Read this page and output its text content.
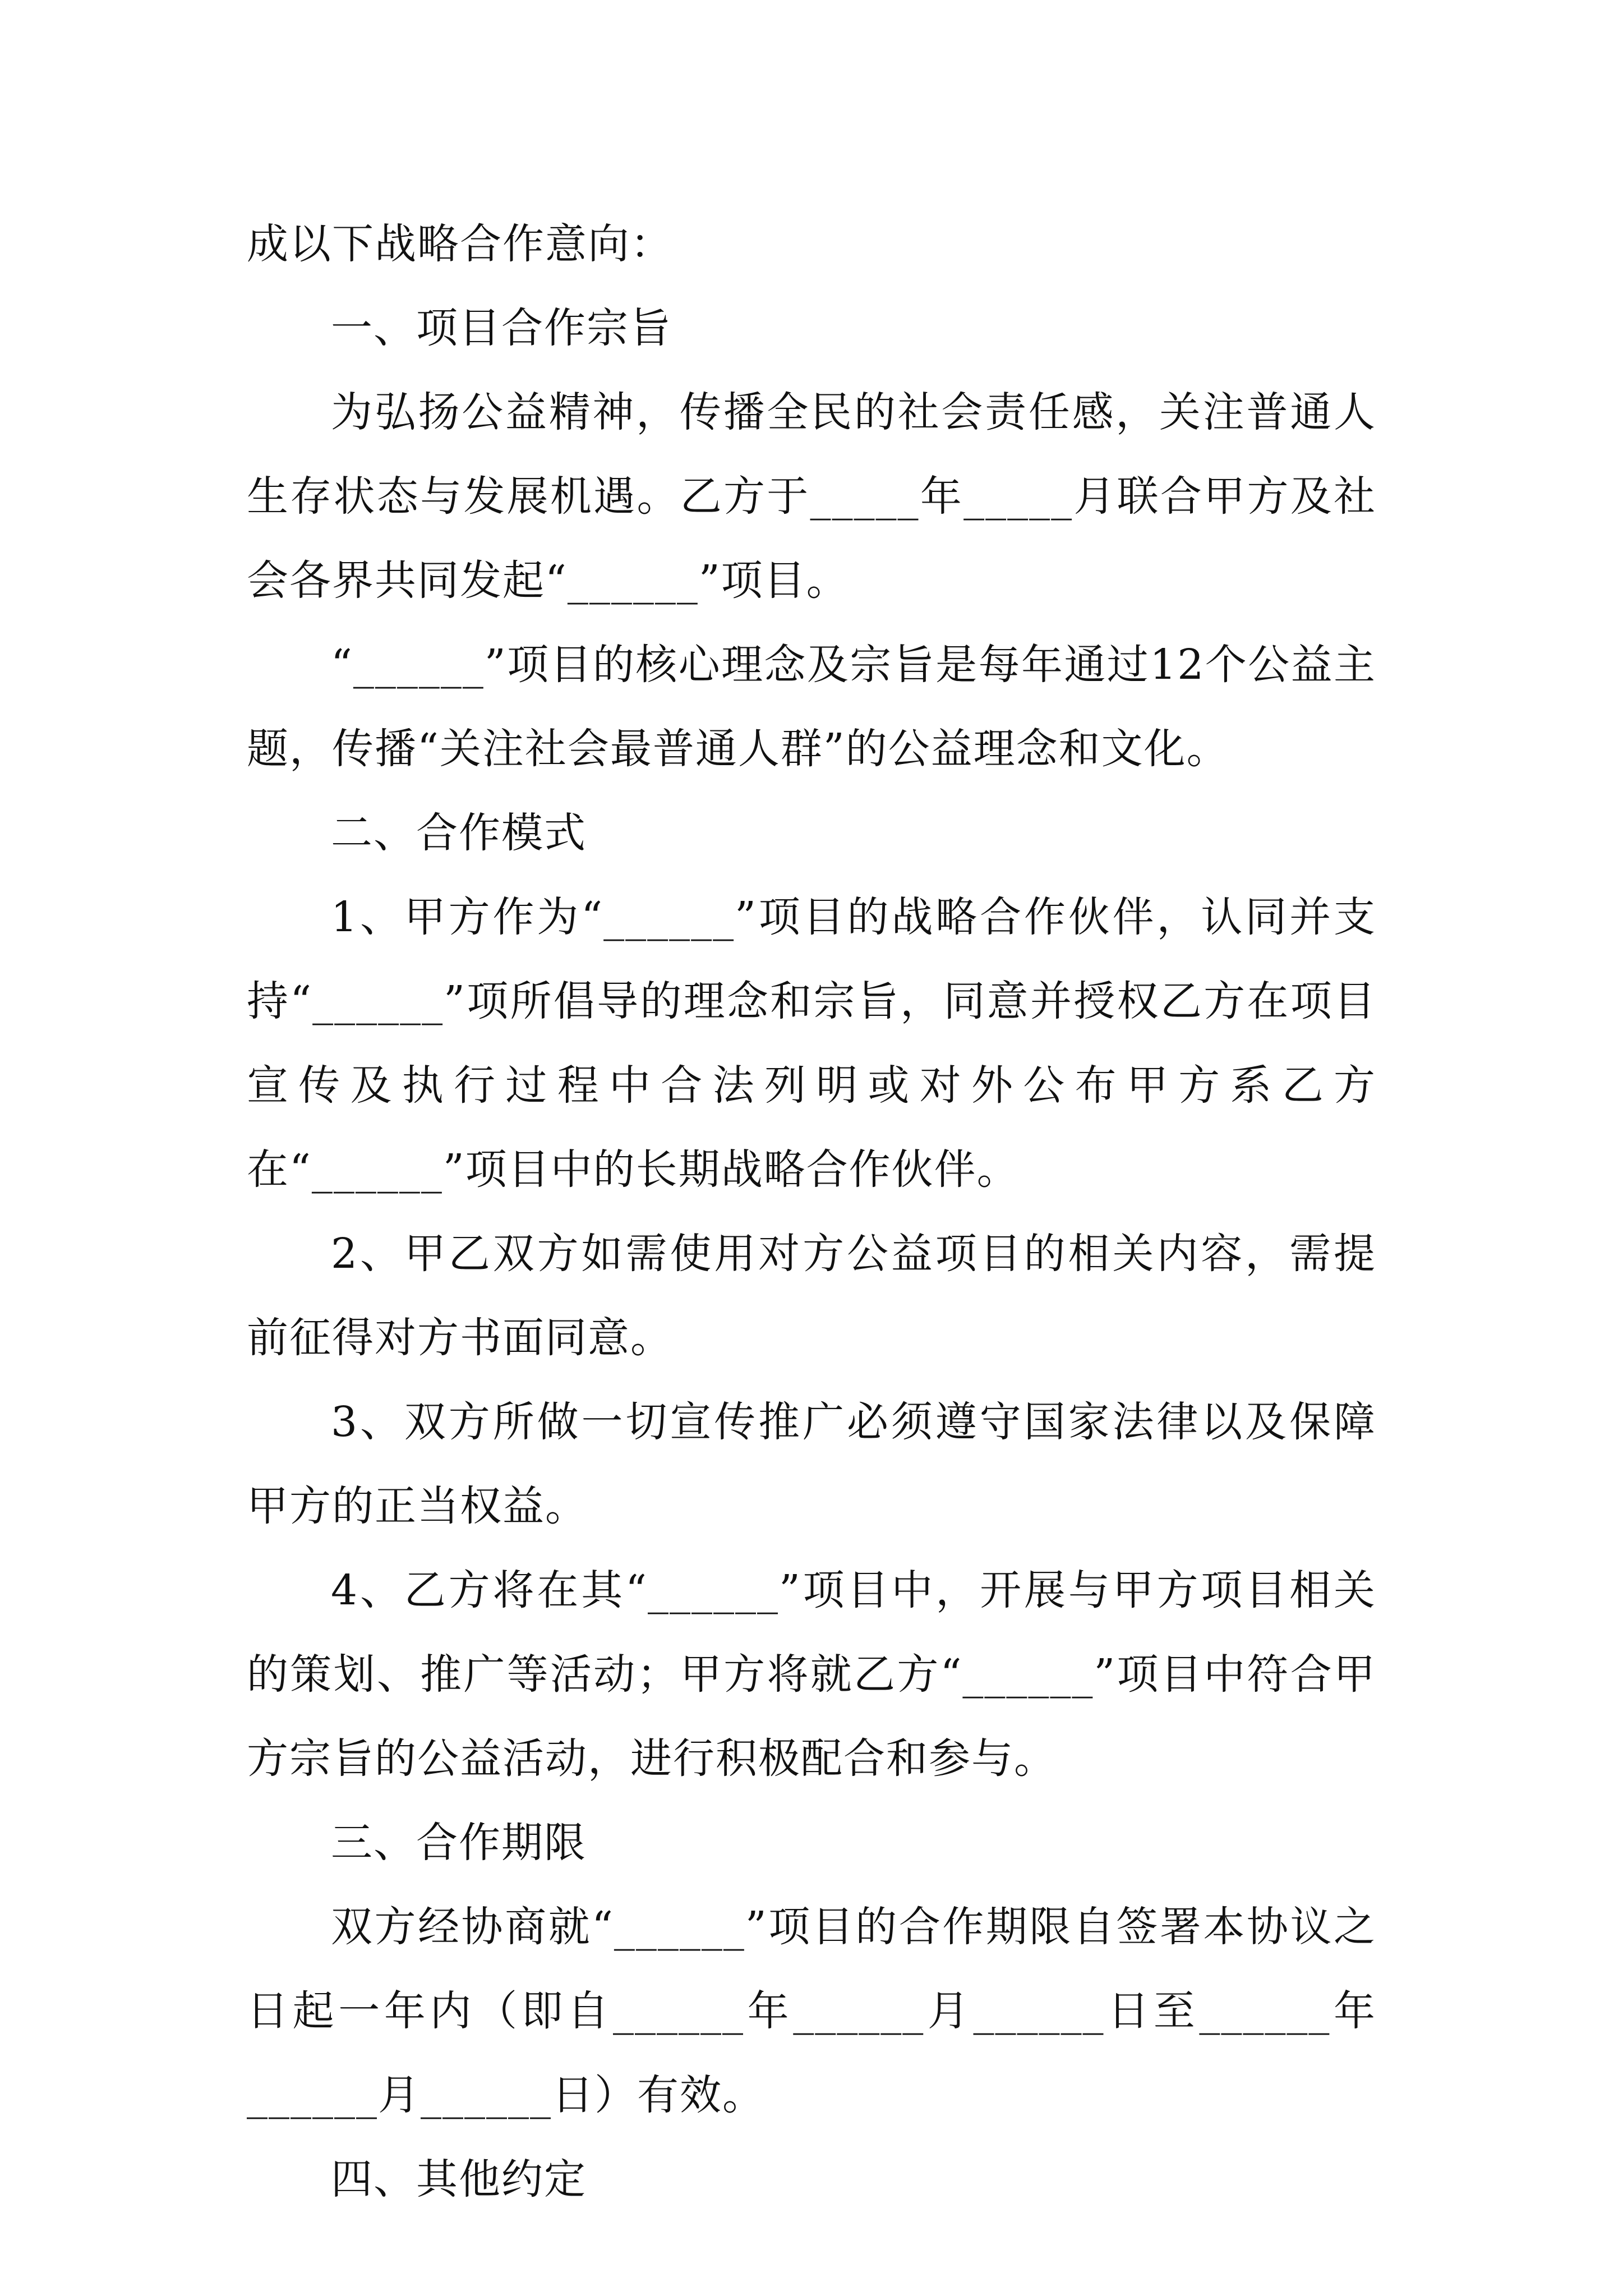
成以下战略合作意向：

一、项目合作宗旨

为弘扬公益精神，传播全民的社会责任感，关注普通人生存状态与发展机遇。乙方于_____年_____月联合甲方及社会各界共同发起“______”项目。

“______”项目的核心理念及宗旨是每年通过12个公益主题，传播“关注社会最普通人群”的公益理念和文化。

二、合作模式

1、甲方作为“______”项目的战略合作伙伴，认同并支持“______”项所倡导的理念和宗旨，同意并授权乙方在项目宣传及执行过程中合法列明或对外公布甲方系乙方在“______”项目中的长期战略合作伙伴。

2、甲乙双方如需使用对方公益项目的相关内容，需提前征得对方书面同意。

3、双方所做一切宣传推广必须遵守国家法律以及保障甲方的正当权益。

4、乙方将在其“______”项目中，开展与甲方项目相关的策划、推广等活动；甲方将就乙方“______”项目中符合甲方宗旨的公益活动，进行积极配合和参与。

三、合作期限

双方经协商就“______”项目的合作期限自签署本协议之日起一年内（即自______年______月______日至______年______月______日）有效。

四、其他约定
